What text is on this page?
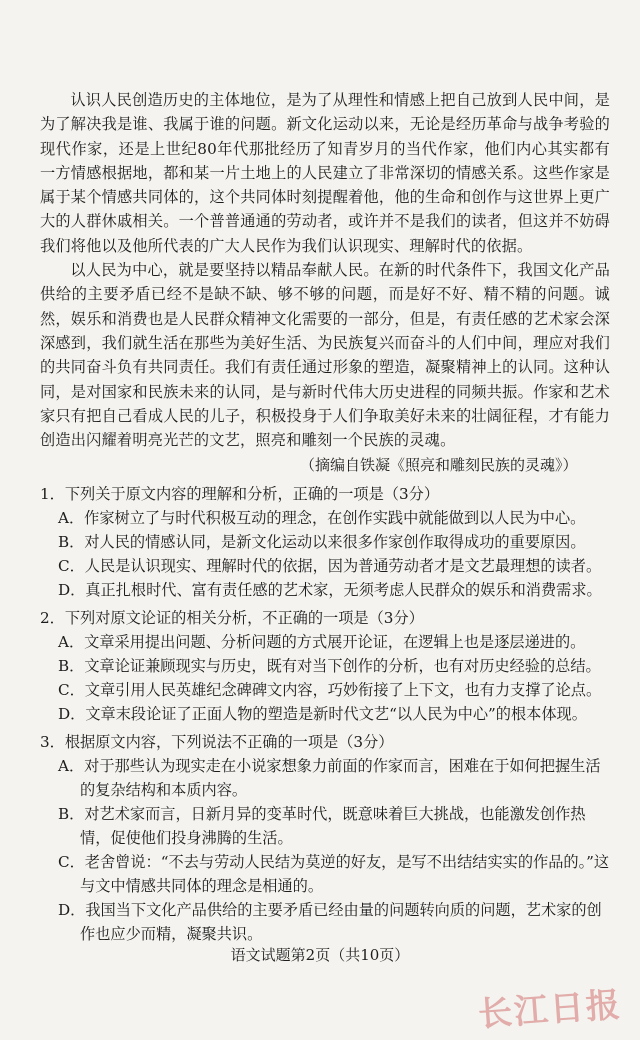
认识人民创造历史的主体地位，是为了从理性和情感上把自己放到人民中间，是为了解决我是谁、我属于谁的问题。新文化运动以来，无论是经历革命与战争考验的现代作家，还是上世纪80年代那批经历了知青岁月的当代作家，他们内心其实都有一方情感根据地，都和某一片土地上的人民建立了非常深切的情感关系。这些作家是属于某个情感共同体的，这个共同体时刻提醒着他，他的生命和创作与这世界上更广大的人群休戚相关。一个普普通通的劳动者，或许并不是我们的读者，但这并不妨碍我们将他以及他所代表的广大人民作为我们认识现实、理解时代的依据。

以人民为中心，就是要坚持以精品奉献人民。在新的时代条件下，我国文化产品供给的主要矛盾已经不是缺不缺、够不够的问题，而是好不好、精不精的问题。诚然，娱乐和消费也是人民群众精神文化需要的一部分，但是，有责任感的艺术家会深深感到，我们就生活在那些为美好生活、为民族复兴而奋斗的人们中间，理应对我们的共同奋斗负有共同责任。我们有责任通过形象的塑造，凝聚精神上的认同。这种认同，是对国家和民族未来的认同，是与新时代伟大历史进程的同频共振。作家和艺术家只有把自己看成人民的儿子，积极投身于人们争取美好未来的壮阔征程，才有能力创造出闪耀着明亮光芒的文艺，照亮和雕刻一个民族的灵魂。

（摘编自铁凝《照亮和雕刻民族的灵魂》）

1．下列关于原文内容的理解和分析，正确的一项是（3分）

A．作家树立了与时代积极互动的理念，在创作实践中就能做到以人民为中心。

B．对人民的情感认同，是新文化运动以来很多作家创作取得成功的重要原因。

C．人民是认识现实、理解时代的依据，因为普通劳动者才是文艺最理想的读者。

D．真正扎根时代、富有责任感的艺术家，无须考虑人民群众的娱乐和消费需求。

2．下列对原文论证的相关分析，不正确的一项是（3分）

A．文章采用提出问题、分析问题的方式展开论证，在逻辑上也是逐层递进的。

B．文章论证兼顾现实与历史，既有对当下创作的分析，也有对历史经验的总结。

C．文章引用人民英雄纪念碑碑文内容，巧妙衔接了上下文，也有力支撑了论点。

D．文章末段论证了正面人物的塑造是新时代文艺“以人民为中心”的根本体现。

3．根据原文内容，下列说法不正确的一项是（3分）

A．对于那些认为现实走在小说家想象力前面的作家而言，困难在于如何把握生活的复杂结构和本质内容。

B．对艺术家而言，日新月异的变革时代，既意味着巨大挑战，也能激发创作热情，促使他们投身沸腾的生活。

C．老舍曾说：“不去与劳动人民结为莫逆的好友，是写不出结结实实的作品的。”这与文中情感共同体的理念是相通的。

D．我国当下文化产品供给的主要矛盾已经由量的问题转向质的问题，艺术家的创作也应少而精，凝聚共识。

语文试题第2页（共10页）
长江日报
